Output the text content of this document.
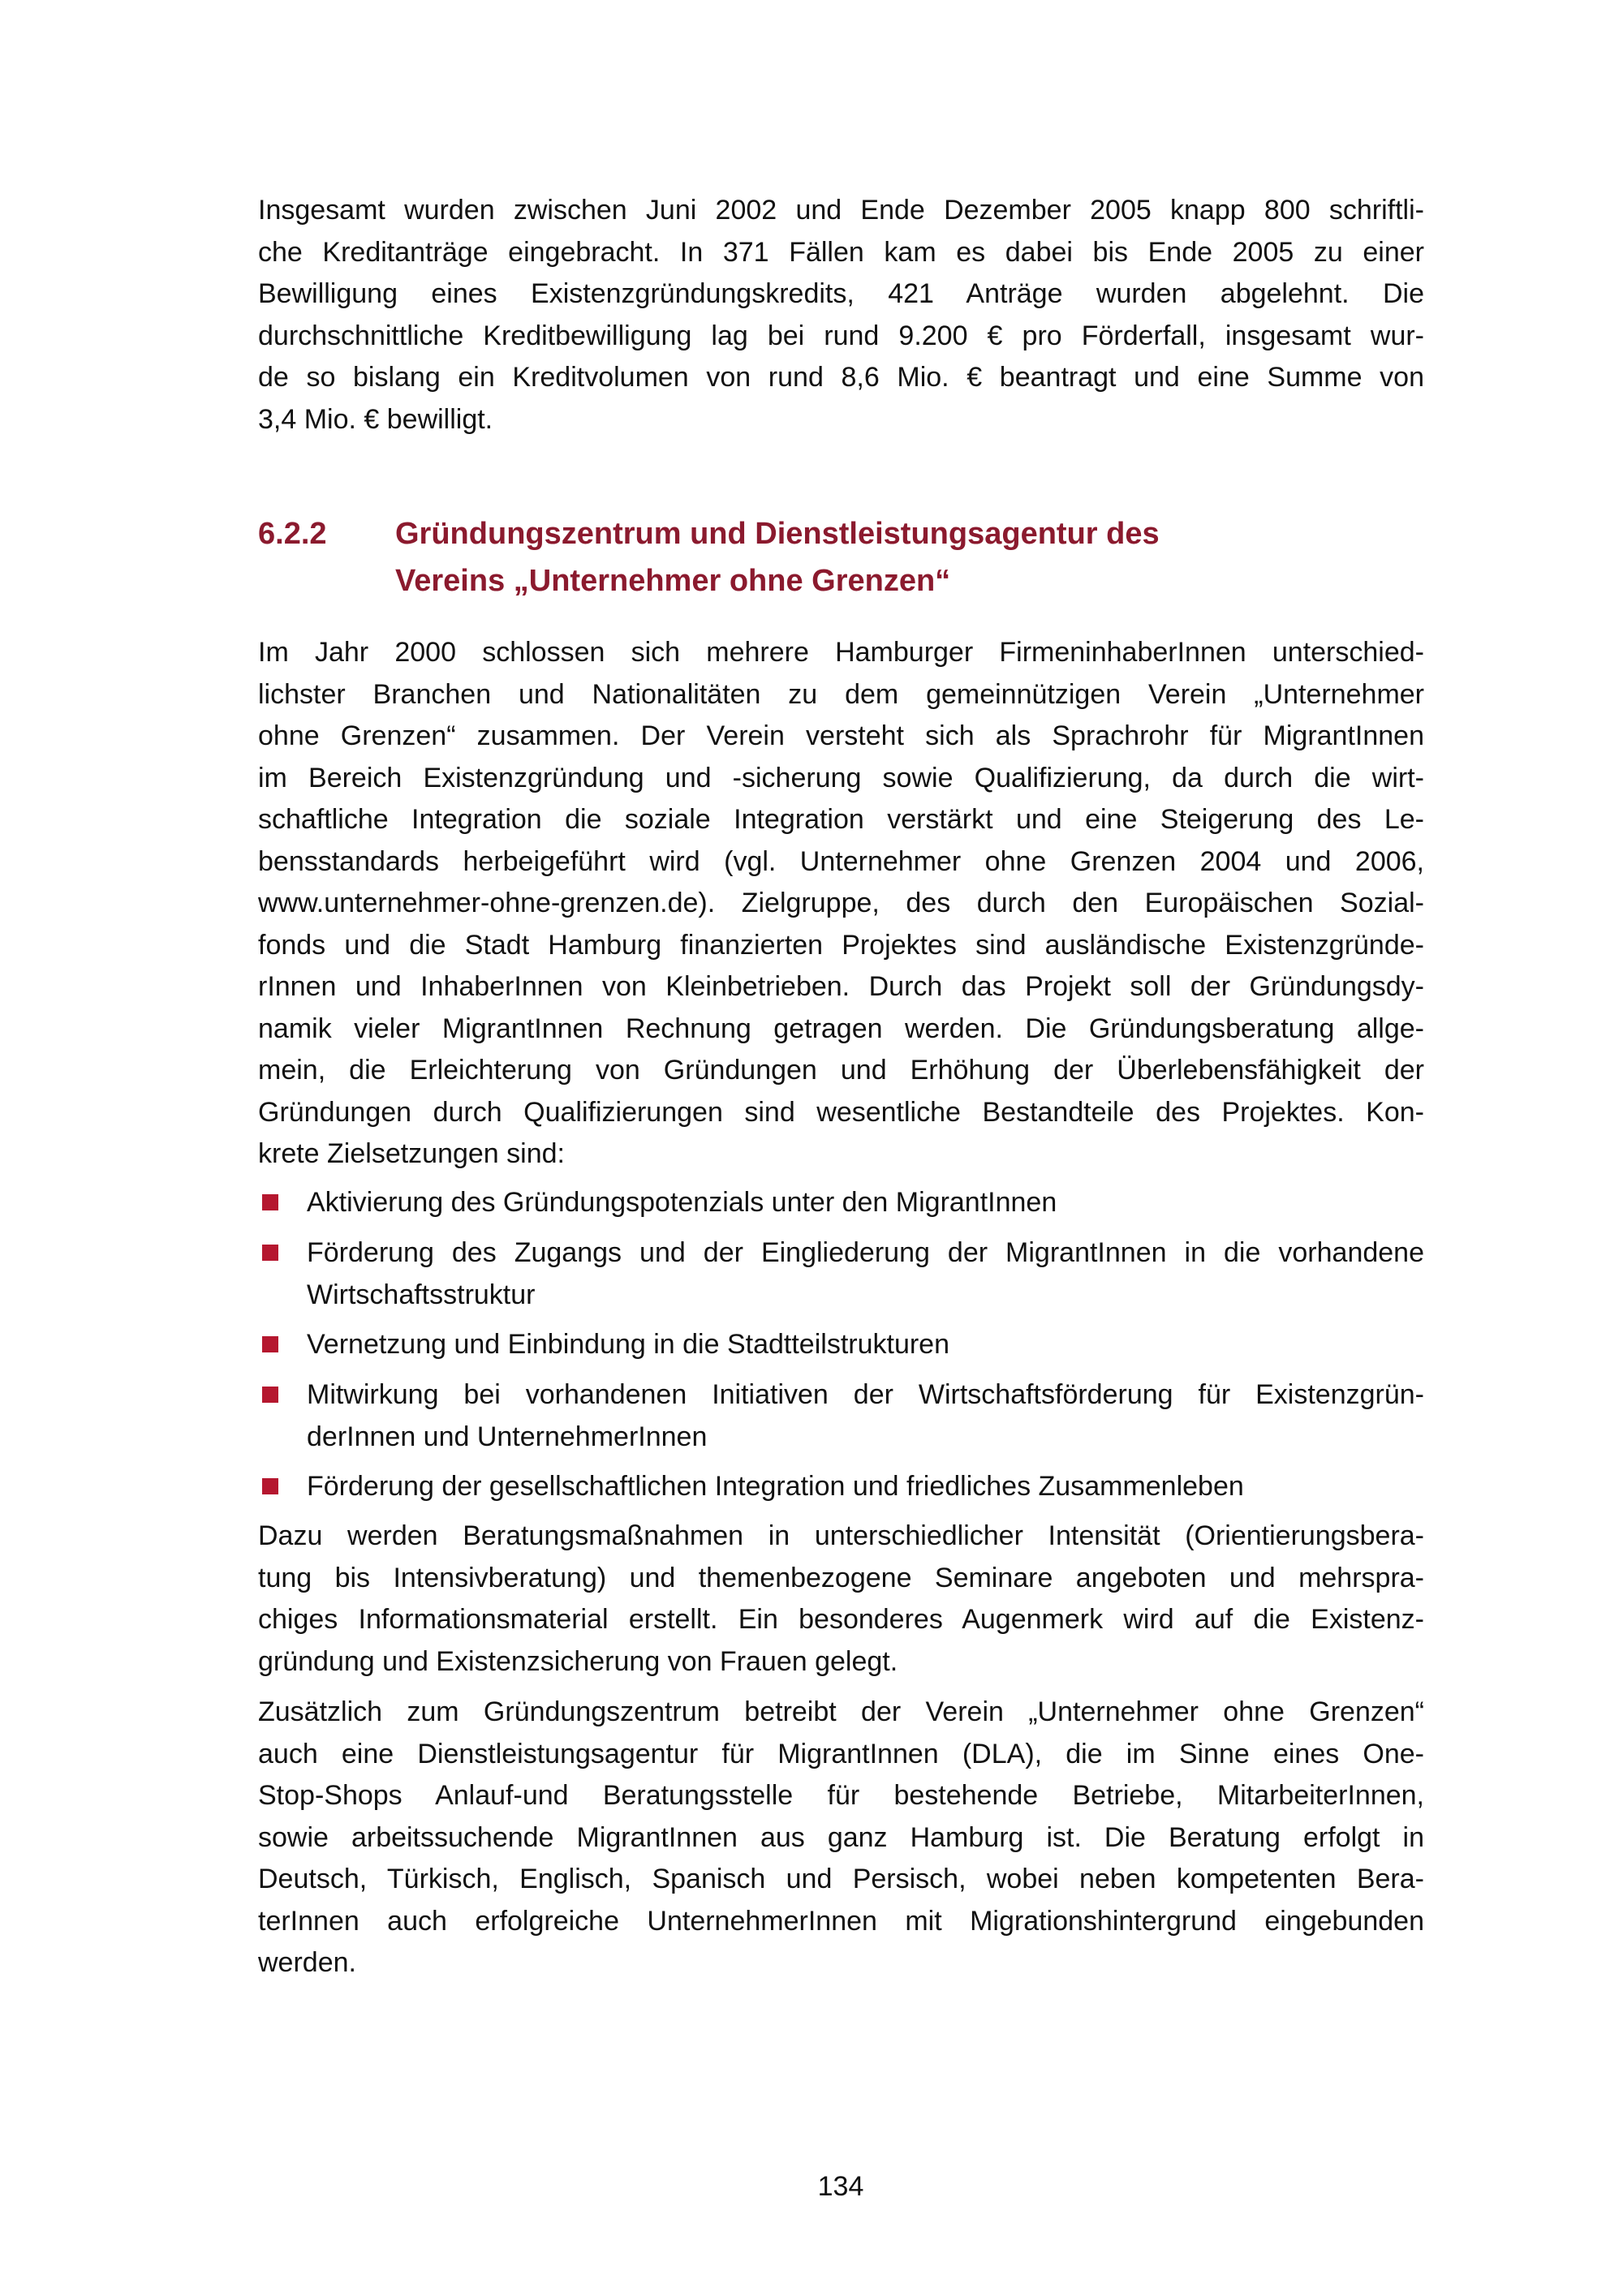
Insgesamt wurden zwischen Juni 2002 und Ende Dezember 2005 knapp 800 schriftli-
che Kreditanträge eingebracht. In 371 Fällen kam es dabei bis Ende 2005 zu einer
Bewilligung eines Existenzgründungskredits, 421 Anträge wurden abgelehnt. Die
durchschnittliche Kreditbewilligung lag bei rund 9.200 € pro Förderfall, insgesamt wur-
de so bislang ein Kreditvolumen von rund 8,6 Mio. € beantragt und eine Summe von
3,4 Mio. € bewilligt.
6.2.2 Gründungszentrum und Dienstleistungsagentur des
Vereins „Unternehmer ohne Grenzen“
Im Jahr 2000 schlossen sich mehrere Hamburger FirmeninhaberInnen unterschied-
lichster Branchen und Nationalitäten zu dem gemeinnützigen Verein „Unternehmer
ohne Grenzen“ zusammen. Der Verein versteht sich als Sprachrohr für MigrantInnen
im Bereich Existenzgründung und -sicherung sowie Qualifizierung, da durch die wirt-
schaftliche Integration die soziale Integration verstärkt und eine Steigerung des Le-
bensstandards herbeigeführt wird (vgl. Unternehmer ohne Grenzen 2004 und 2006,
www.unternehmer-ohne-grenzen.de). Zielgruppe, des durch den Europäischen Sozial-
fonds und die Stadt Hamburg finanzierten Projektes sind ausländische Existenzgründe-
rInnen und InhaberInnen von Kleinbetrieben. Durch das Projekt soll der Gründungsdy-
namik vieler MigrantInnen Rechnung getragen werden. Die Gründungsberatung allge-
mein, die Erleichterung von Gründungen und Erhöhung der Überlebensfähigkeit der
Gründungen durch Qualifizierungen sind wesentliche Bestandteile des Projektes. Kon-
krete Zielsetzungen sind:
Aktivierung des Gründungspotenzials unter den MigrantInnen
Förderung des Zugangs und der Eingliederung der MigrantInnen in die vorhandene
Wirtschaftsstruktur
Vernetzung und Einbindung in die Stadtteilstrukturen
Mitwirkung bei vorhandenen Initiativen der Wirtschaftsförderung für Existenzgrün-
derInnen und UnternehmerInnen
Förderung der gesellschaftlichen Integration und friedliches Zusammenleben
Dazu werden Beratungsmaßnahmen in unterschiedlicher Intensität (Orientierungsbera-
tung bis Intensivberatung) und themenbezogene Seminare angeboten und mehrspra-
chiges Informationsmaterial erstellt. Ein besonderes Augenmerk wird auf die Existenz-
gründung und Existenzsicherung von Frauen gelegt.
Zusätzlich zum Gründungszentrum betreibt der Verein „Unternehmer ohne Grenzen“
auch eine Dienstleistungsagentur für MigrantInnen (DLA), die im Sinne eines One-
Stop-Shops Anlauf-und Beratungsstelle für bestehende Betriebe, MitarbeiterInnen,
sowie arbeitssuchende MigrantInnen aus ganz Hamburg ist. Die Beratung erfolgt in
Deutsch, Türkisch, Englisch, Spanisch und Persisch, wobei neben kompetenten Bera-
terInnen auch erfolgreiche UnternehmerInnen mit Migrationshintergrund eingebunden
werden.
134
